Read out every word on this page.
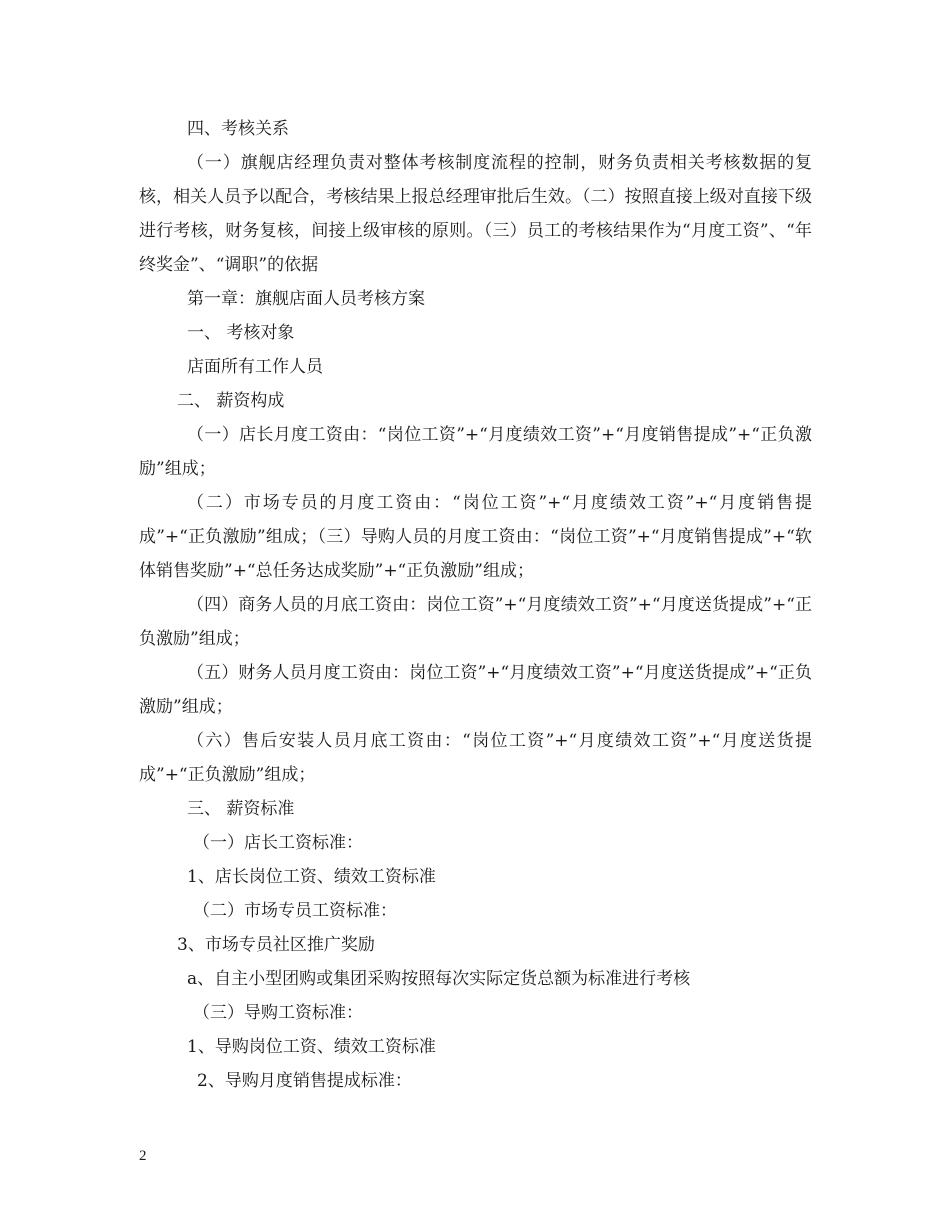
四、考核关系

（一）旗舰店经理负责对整体考核制度流程的控制，财务负责相关考核数据的复核，相关人员予以配合，考核结果上报总经理审批后生效。（二）按照直接上级对直接下级进行考核，财务复核，间接上级审核的原则。（三）员工的考核结果作为“月度工资”、“年终奖金”、“调职”的依据

第一章：旗舰店面人员考核方案

一、 考核对象

店面所有工作人员

二、 薪资构成

（一）店长月度工资由：“岗位工资”+“月度绩效工资”+“月度销售提成”+“正负激励”组成；

（二）市场专员的月度工资由：“岗位工资”+“月度绩效工资”+“月度销售提成”+“正负激励”组成；（三）导购人员的月度工资由：“岗位工资”+“月度销售提成”+“软体销售奖励”+“总任务达成奖励”+“正负激励”组成；

（四）商务人员的月底工资由：岗位工资”+“月度绩效工资”+“月度送货提成”+“正负激励”组成；

（五）财务人员月度工资由：岗位工资”+“月度绩效工资”+“月度送货提成”+“正负激励”组成；

（六）售后安装人员月底工资由：“岗位工资”+“月度绩效工资”+“月度送货提成”+“正负激励”组成；

三、 薪资标准

（一）店长工资标准：

1、店长岗位工资、绩效工资标准

（二）市场专员工资标准：

3、市场专员社区推广奖励

a、自主小型团购或集团采购按照每次实际定货总额为标准进行考核

（三）导购工资标准：

1、导购岗位工资、绩效工资标准

2、导购月度销售提成标准：

2
